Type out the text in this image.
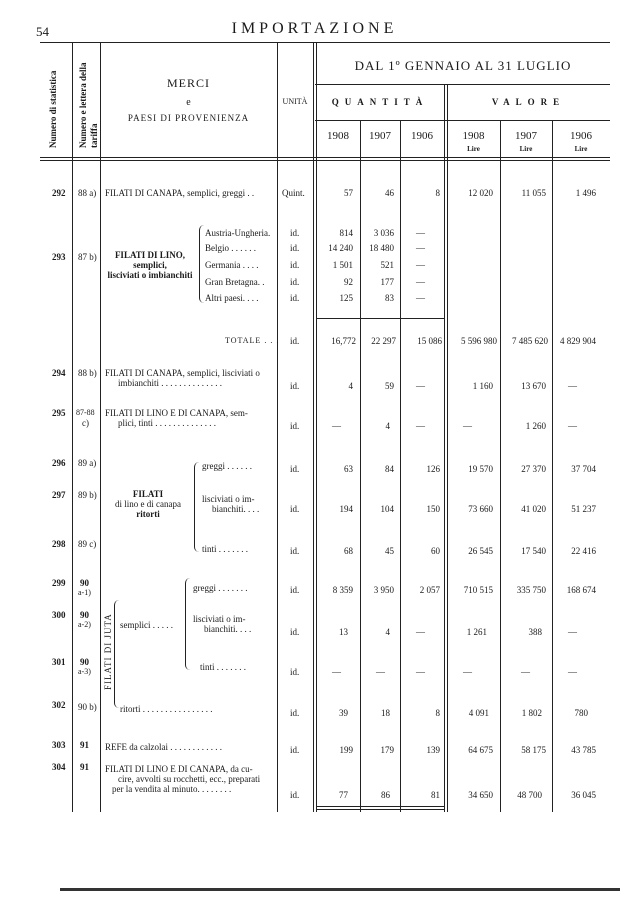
54	IMPORTAZIONE
Numero di statistica Numero e lettera della tariffa
MERCI
e
PAESI DI PROVENIENZA
UNITÀ
DAL 1º GENNAIO AL 31 LUGLIO
QUANTITÀ	VALORE
1908	1907	1906	1908	1907	1906
Lire	Lire	Lire
292 88 a) FILATI DI CANAPA, semplici, greggi . .	Quint.	57	46	8	12 020	11 055	1 496
293 87 b)	FILATI DI LINO,
semplici,
lisciviati o imbianchiti
Austria-Ungheria. id.	814	3 036	—
Belgio . . . . . .	id.	14 240	18 480	—
Germania . . . .	id.	1 501	521	—
Gran Bretagna. .	id.	92	177	—
Altri paesi. . . .	id.	125	83	—
TOTALE . . . id.	16,772	22 297	15 086	5 596 980	7 485 620	4 829 904
294 88 b) FILATI DI CANAPA, semplici, lisciviati o
imbianchiti . . . . . . . . . . . . . .	id.	4	59	—	1 160	13 670	—
295 87-88
c)
FILATI DI LINO E DI CANAPA, sem-
plici, tinti . . . . . . . . . . . . . .	id.	—	4	—	—	1 260	—
FILATI
di lino e di canapa
ritorti
296 89 a)	greggi . . . . . .	id.	63	84	126	19 570	27 370	37 704
297 89 b)	lisciviati o im-
bianchiti. . . .	id.	194	104	150	73 660	41 020	51 237
298 89 c)	tinti . . . . . . .	id.	68	45	60	26 545	17 540	22 416
FILATI DI JUTA semplici . . . . .
299 90
a-1)	greggi . . . . . . .	id.	8 359	3 950	2 057	710 515	335 750	168 674
300 90
a-2)
lisciviati o im-
bianchiti. . . .	id.	13	4	—	1 261	388	—
301 90
a-3)	tinti . . . . . . .	id.	—	—	—	—	—	—
302 90 b)	ritorti . . . . . . . . . . . . . . . .	id.	39	18	8	4 091	1 802	780
303 91 REFE da calzolai . . . . . . . . . . . .	id.	199	179	139	64 675	58 175	43 785
304 91 FILATI DI LINO E DI CANAPA, da cu-
cire, avvolti su rocchetti, ecc., preparati
per la vendita al minuto. . . . . . . .
id.	77	86	81	34 650	48 700	36 045
